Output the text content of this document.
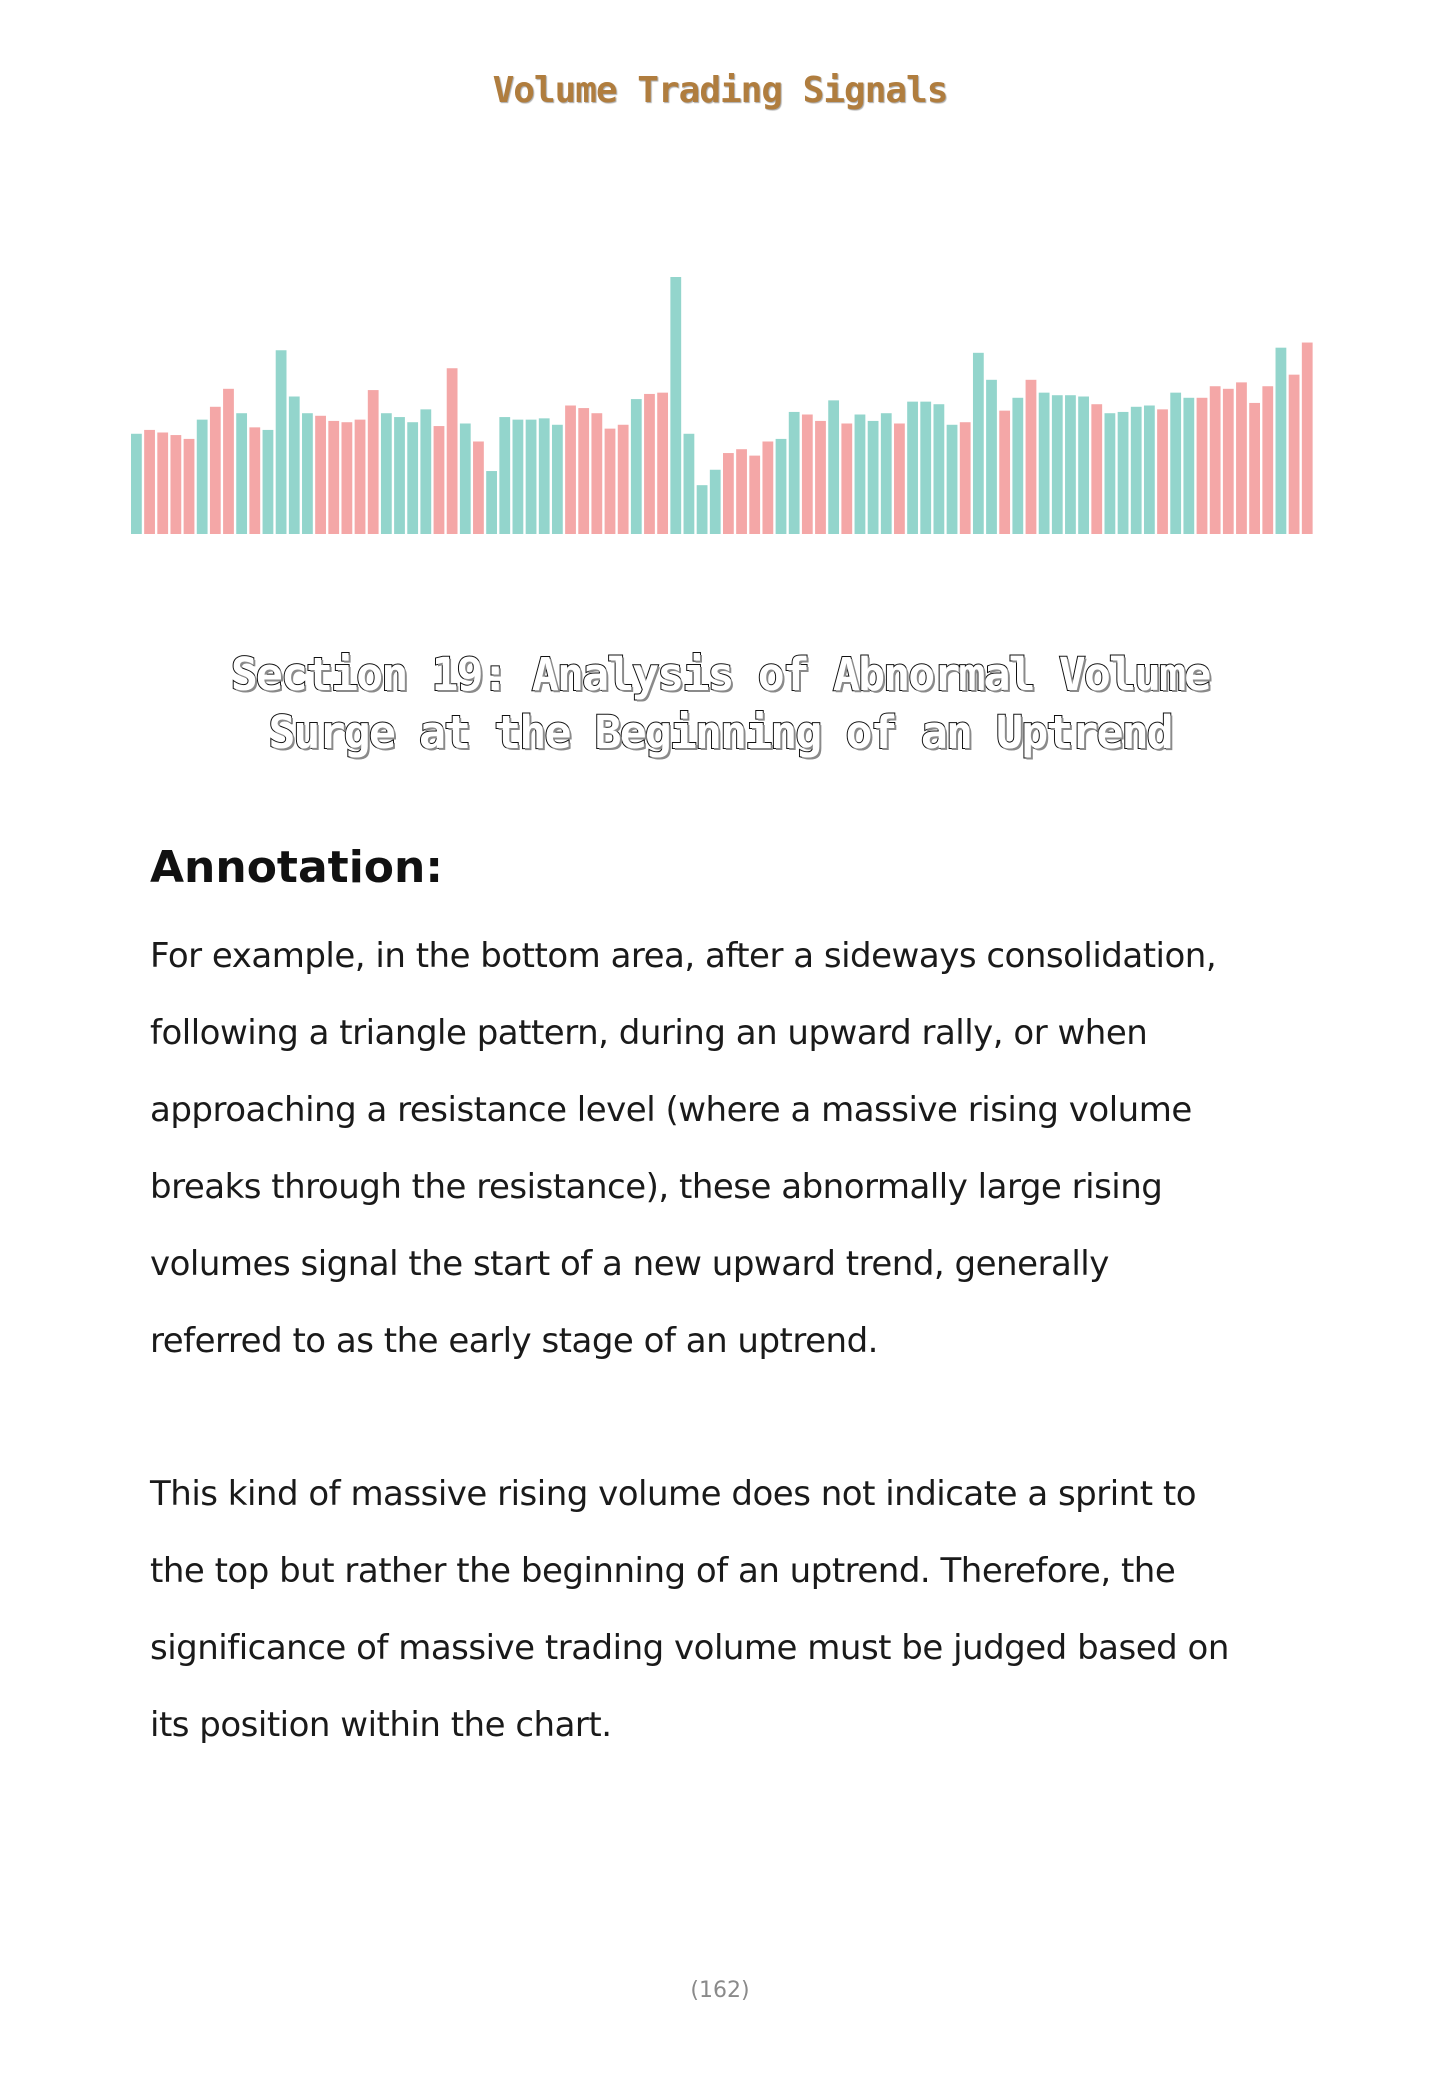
Volume Trading Signals
Section 19: Analysis of Abnormal Volume
Surge at the Beginning of an Uptrend
Annotation:
For example, in the bottom area, after a sideways consolidation,
following a triangle pattern, during an upward rally, or when
approaching a resistance level (where a massive rising volume
breaks through the resistance), these abnormally large rising
volumes signal the start of a new upward trend, generally
referred to as the early stage of an uptrend.
This kind of massive rising volume does not indicate a sprint to
the top but rather the beginning of an uptrend. Therefore, the
significance of massive trading volume must be judged based on
its position within the chart.
(162)
